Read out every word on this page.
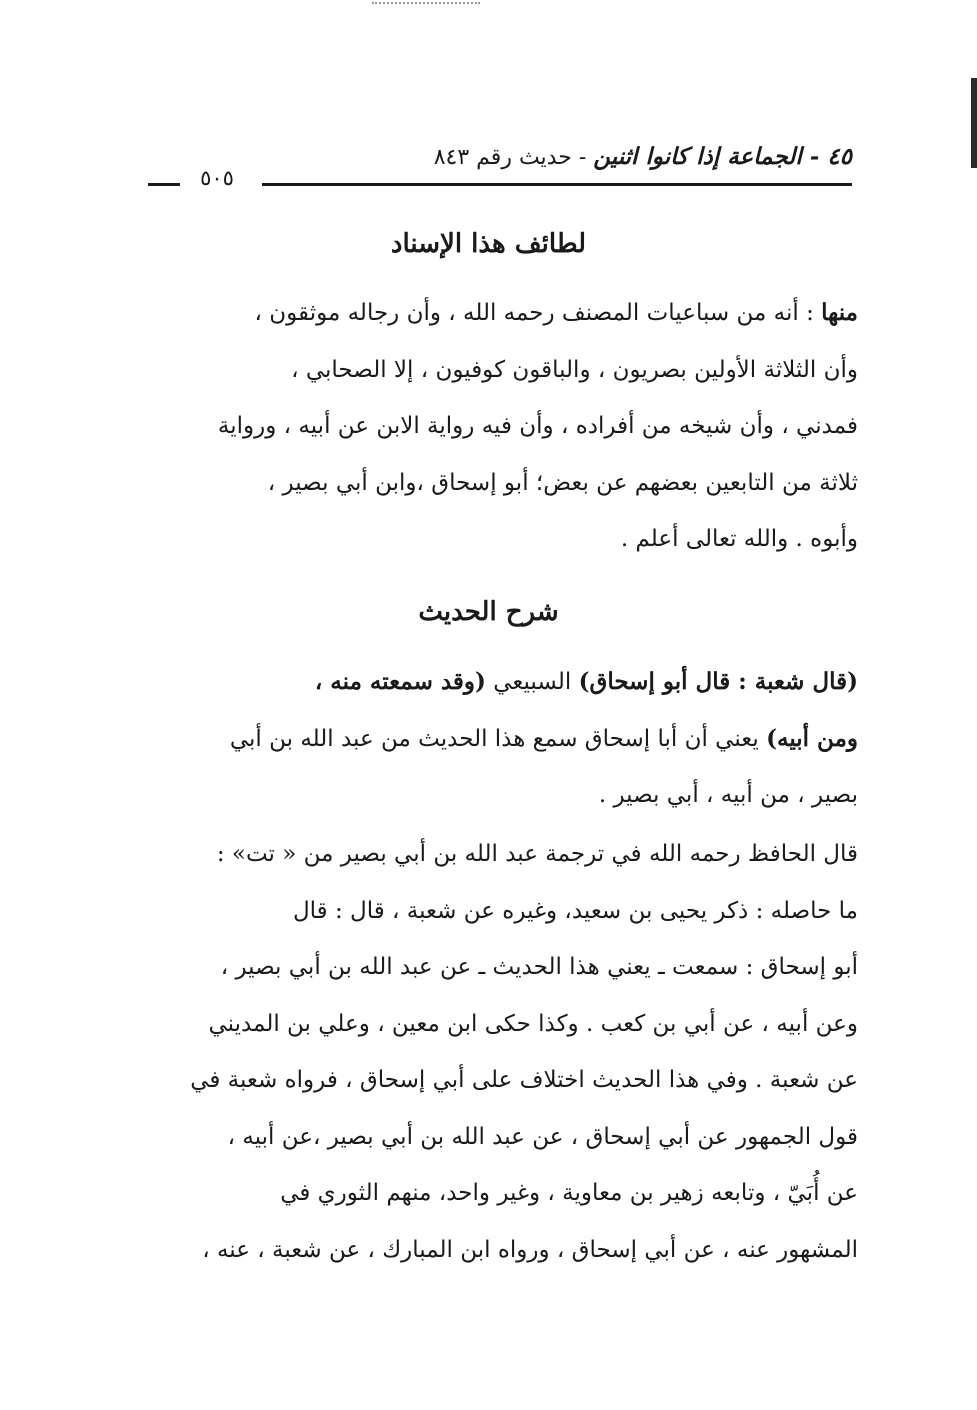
٤٥ - الجماعة إذا كانوا اثنين - حديث رقم ٨٤٣
٥٠٥
لطائف هذا الإسناد
منها : أنه من سباعيات المصنف رحمه الله ، وأن رجاله موثقون ،
وأن الثلاثة الأولين بصريون ، والباقون كوفيون ، إلا الصحابي ،
فمدني ، وأن شيخه من أفراده ، وأن فيه رواية الابن عن أبيه ، ورواية
ثلاثة من التابعين بعضهم عن بعض؛ أبو إسحاق ،وابن أبي بصير ،
وأبوه . والله تعالى أعلم .
شرح الحديث
(قال شعبة : قال أبو إسحاق) السبيعي (وقد سمعته منه ،
ومن أبيه) يعني أن أبا إسحاق سمع هذا الحديث من عبد الله بن أبي
بصير ، من أبيه ، أبي بصير .
قال الحافظ رحمه الله في ترجمة عبد الله بن أبي بصير من « تت» :
ما حاصله : ذكر يحيى بن سعيد، وغيره عن شعبة ، قال : قال
أبو إسحاق : سمعت ـ يعني هذا الحديث ـ عن عبد الله بن أبي بصير ،
وعن أبيه ، عن أبي بن كعب . وكذا حكى ابن معين ، وعلي بن المديني
عن شعبة . وفي هذا الحديث اختلاف على أبي إسحاق ، فرواه شعبة في
قول الجمهور عن أبي إسحاق ، عن عبد الله بن أبي بصير ،عن أبيه ،
عن أُبَيّ ، وتابعه زهير بن معاوية ، وغير واحد، منهم الثوري في
المشهور عنه ، عن أبي إسحاق ، ورواه ابن المبارك ، عن شعبة ، عنه ،
